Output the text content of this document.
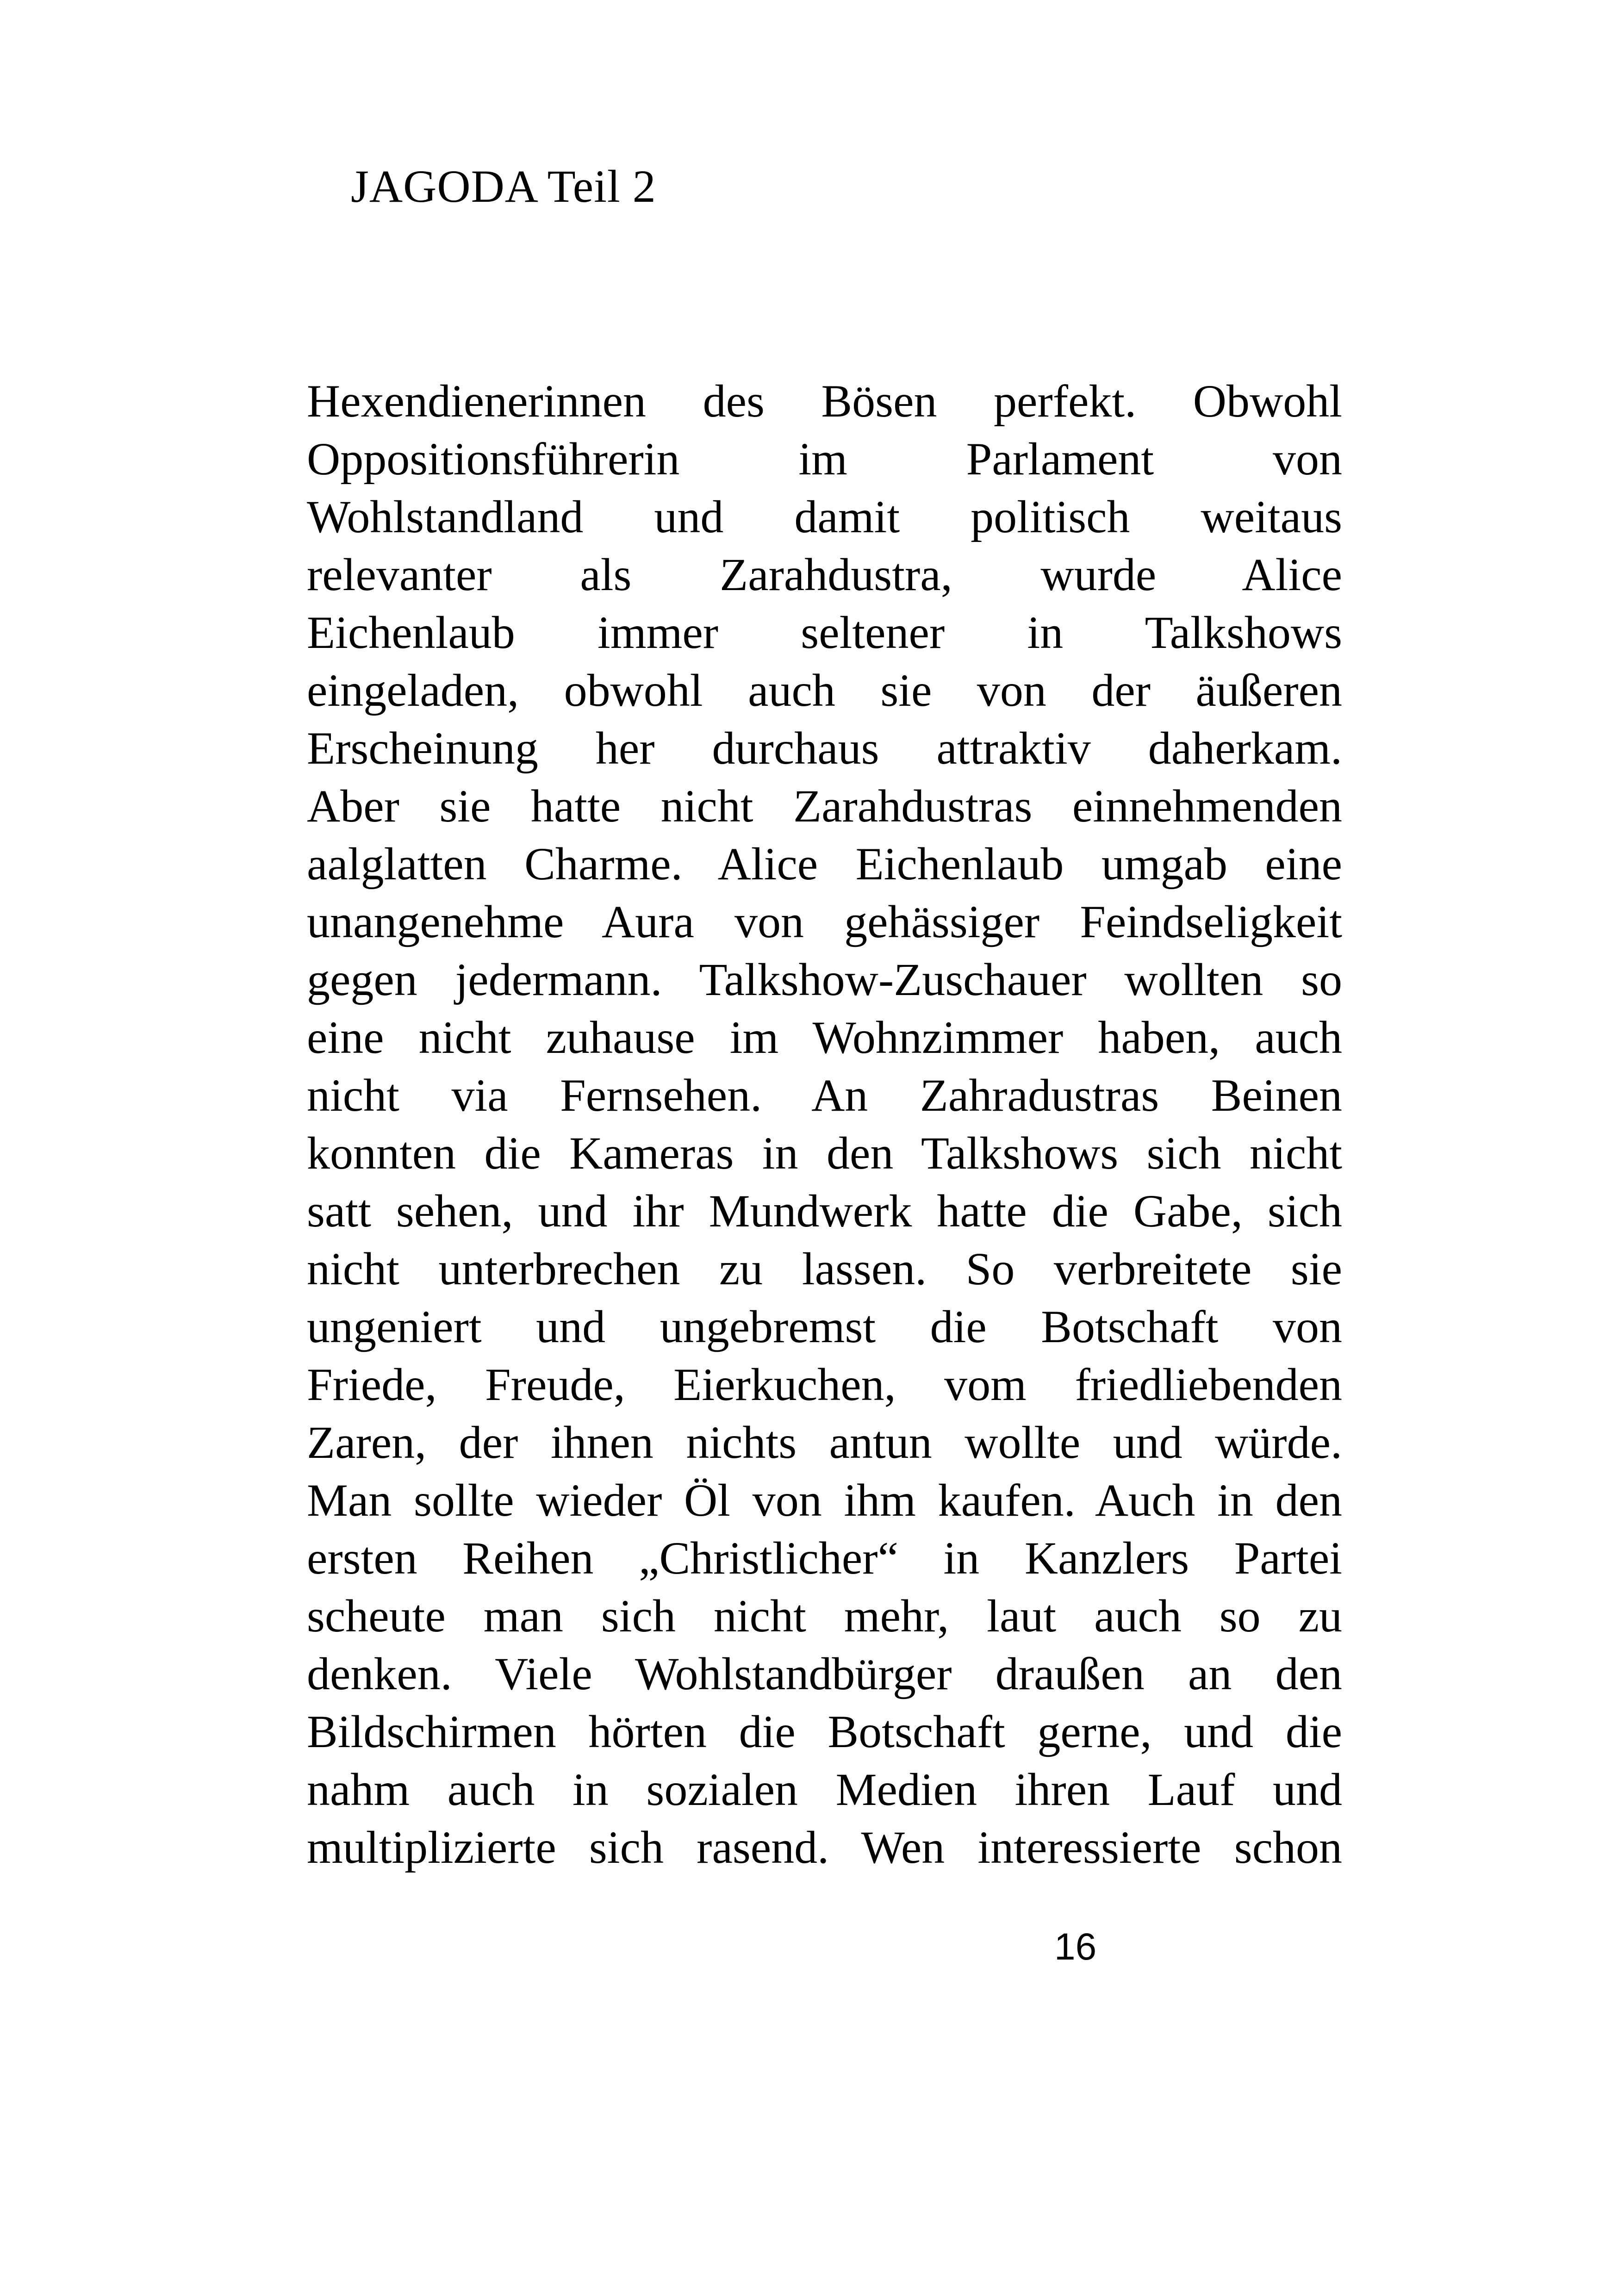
JAGODA Teil 2
Hexendienerinnen des Bösen perfekt. Obwohl
Oppositionsführerin im Parlament von
Wohlstandland und damit politisch weitaus
relevanter als Zarahdustra, wurde Alice
Eichenlaub immer seltener in Talkshows
eingeladen, obwohl auch sie von der äußeren
Erscheinung her durchaus attraktiv daherkam.
Aber sie hatte nicht Zarahdustras einnehmenden
aalglatten Charme. Alice Eichenlaub umgab eine
unangenehme Aura von gehässiger Feindseligkeit
gegen jedermann. Talkshow-Zuschauer wollten so
eine nicht zuhause im Wohnzimmer haben, auch
nicht via Fernsehen. An Zahradustras Beinen
konnten die Kameras in den Talkshows sich nicht
satt sehen, und ihr Mundwerk hatte die Gabe, sich
nicht unterbrechen zu lassen. So verbreitete sie
ungeniert und ungebremst die Botschaft von
Friede, Freude, Eierkuchen, vom friedliebenden
Zaren, der ihnen nichts antun wollte und würde.
Man sollte wieder Öl von ihm kaufen. Auch in den
ersten Reihen „Christlicher“ in Kanzlers Partei
scheute man sich nicht mehr, laut auch so zu
denken. Viele Wohlstandbürger draußen an den
Bildschirmen hörten die Botschaft gerne, und die
nahm auch in sozialen Medien ihren Lauf und
multiplizierte sich rasend. Wen interessierte schon
16
